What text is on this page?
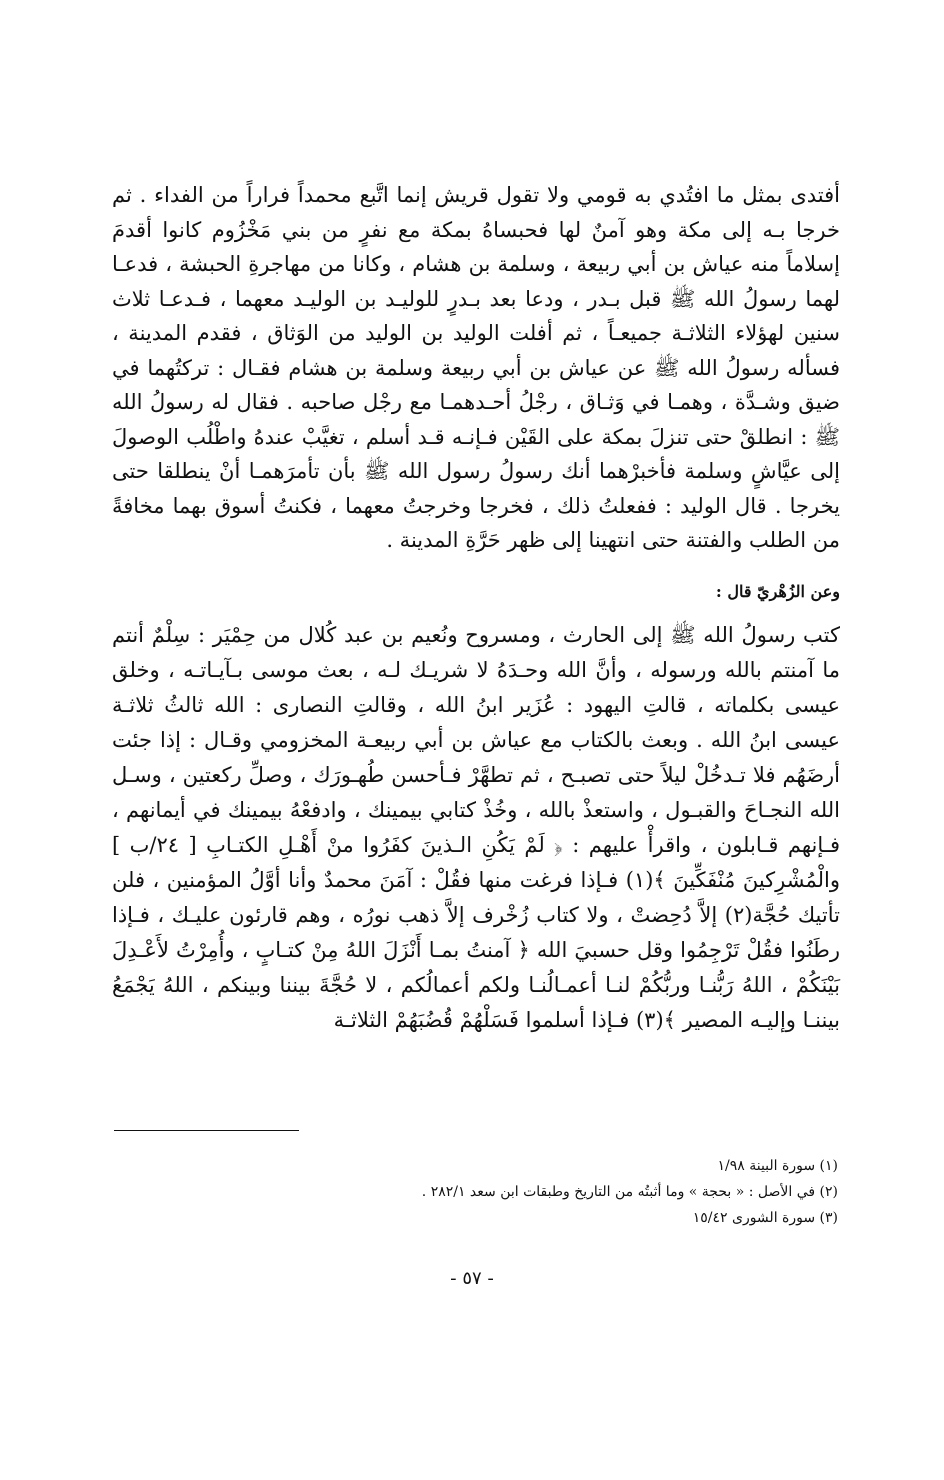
أفتدى بمثل ما افتُدي به قومي ولا تقول قريش إنما اتَّبع محمداً فراراً من الفداء . ثم خرجا بـه إلى مكة وهو آمنٌ لها فحبساهُ بمكة مع نفرٍ من بني مَخْزُوم كانوا أقدمَ إسلاماً منه عياش بن أبي ربيعة ، وسلمة بن هشام ، وكانا من مهاجرةِ الحبشة ، فدعـا لهما رسولُ الله ﷺ قبل بـدر ، ودعا بعد بـدرٍ للوليـد بن الوليـد معهما ، فـدعـا ثلاث سنين لهؤلاء الثلاثـة جميعـاً ، ثم أفلت الوليد بن الوليد من الوَثاق ، فقدم المدينة ، فسأله رسولُ الله ﷺ عن عياش بن أبي ربيعة وسلمة بن هشام فقـال : تركتُهما في ضيق وشـدَّة ، وهمـا في وَثـاق ، رجْلُ أحـدهمـا مع رجْل صاحبه . فقال له رسولُ الله ﷺ : انطلقْ حتى تنزلَ بمكة على القَيْن فـإنـه قـد أسلم ، تغيَّبْ عندهُ واطْلُب الوصولَ إلى عيَّاشٍ وسلمة فأخبرْهما أنك رسولُ رسول الله ﷺ بأن تأمرَهمـا أنْ ينطلقا حتى يخرجا . قال الوليد : ففعلتُ ذلك ، فخرجا وخرجتُ معهما ، فكنتُ أسوق بهما مخافةً من الطلب والفتنة حتى انتهينا إلى ظهر حَرَّةِ المدينة .

وعن الزُهْريّ قال :

كتب رسولُ الله ﷺ إلى الحارث ، ومسروح ونُعيم بن عبد كُلال من حِمْيَر : سِلْمٌ أنتم ما آمنتم بالله ورسوله ، وأنَّ الله وحـدَهُ لا شريـك لـه ، بعث موسى بـآيـاتـه ، وخلق عيسى بكلماته ، قالتِ اليهود : عُزَير ابنُ الله ، وقالتِ النصارى : الله ثالثُ ثلاثـة عيسى ابنُ الله . وبعث بالكتاب مع عياش بن أبي ربيعـة المخزومي وقـال : إذا جئت أرضَهُم فلا تـدخُلْ ليلاً حتى تصبـح ، ثم تطهَّرْ فـأحسن طُهـورَك ، وصلِّ ركعتين ، وسـل الله النجـاحَ والقبـول ، واستعذْ بالله ، وخُذْ كتابي بيمينك ، وادفعْهُ بيمينك في أيمانهم ، فـإنهم قـابلون ، واقرأْ عليهم : ﴿ لَمْ يَكُنِ الـذينَ كفَرُوا منْ أَهْـلِ الكتـابِ [ ٢٤/ب ] والْمُشْرِكينَ مُنْفَكِّينَ ﴾(١) فـإذا فرغت منها فقُلْ : آمَنَ محمدٌ وأنا أوَّلُ المؤمنين ، فلن تأتيك حُجَّة(٢) إلاَّ دُحِضتْ ، ولا كتاب زُخْرف إلاَّ ذهب نورُه ، وهم قارئون عليـك ، فـإذا رطَنُوا فقُلْ تَرْجِمُوا وقل حسبيَ الله ﴿ آمنتُ بمـا أَنْزَلَ اللهُ مِنْ كتـابٍ ، وأُمِرْتُ لأَعْـدِلَ بَيْنَكُمْ ، اللهُ رَبُّنـا وربُّكُمْ لنـا أعمـالُنـا ولكم أعمالُكم ، لا حُجَّةَ بيننا وبينكم ، اللهُ يَجْمَعُ بيننـا وإليـه المصير ﴾(٣) فـإذا أسلموا فَسَلْهُمْ قُضُبَهُمْ الثلاثـة

(١) سورة البينة ١/٩٨

(٢) في الأصل : « بحجة » وما أثبتُه من التاريخ وطبقات ابن سعد ٢٨٢/١ .

(٣) سورة الشورى ١٥/٤٢

- ٥٧ -
